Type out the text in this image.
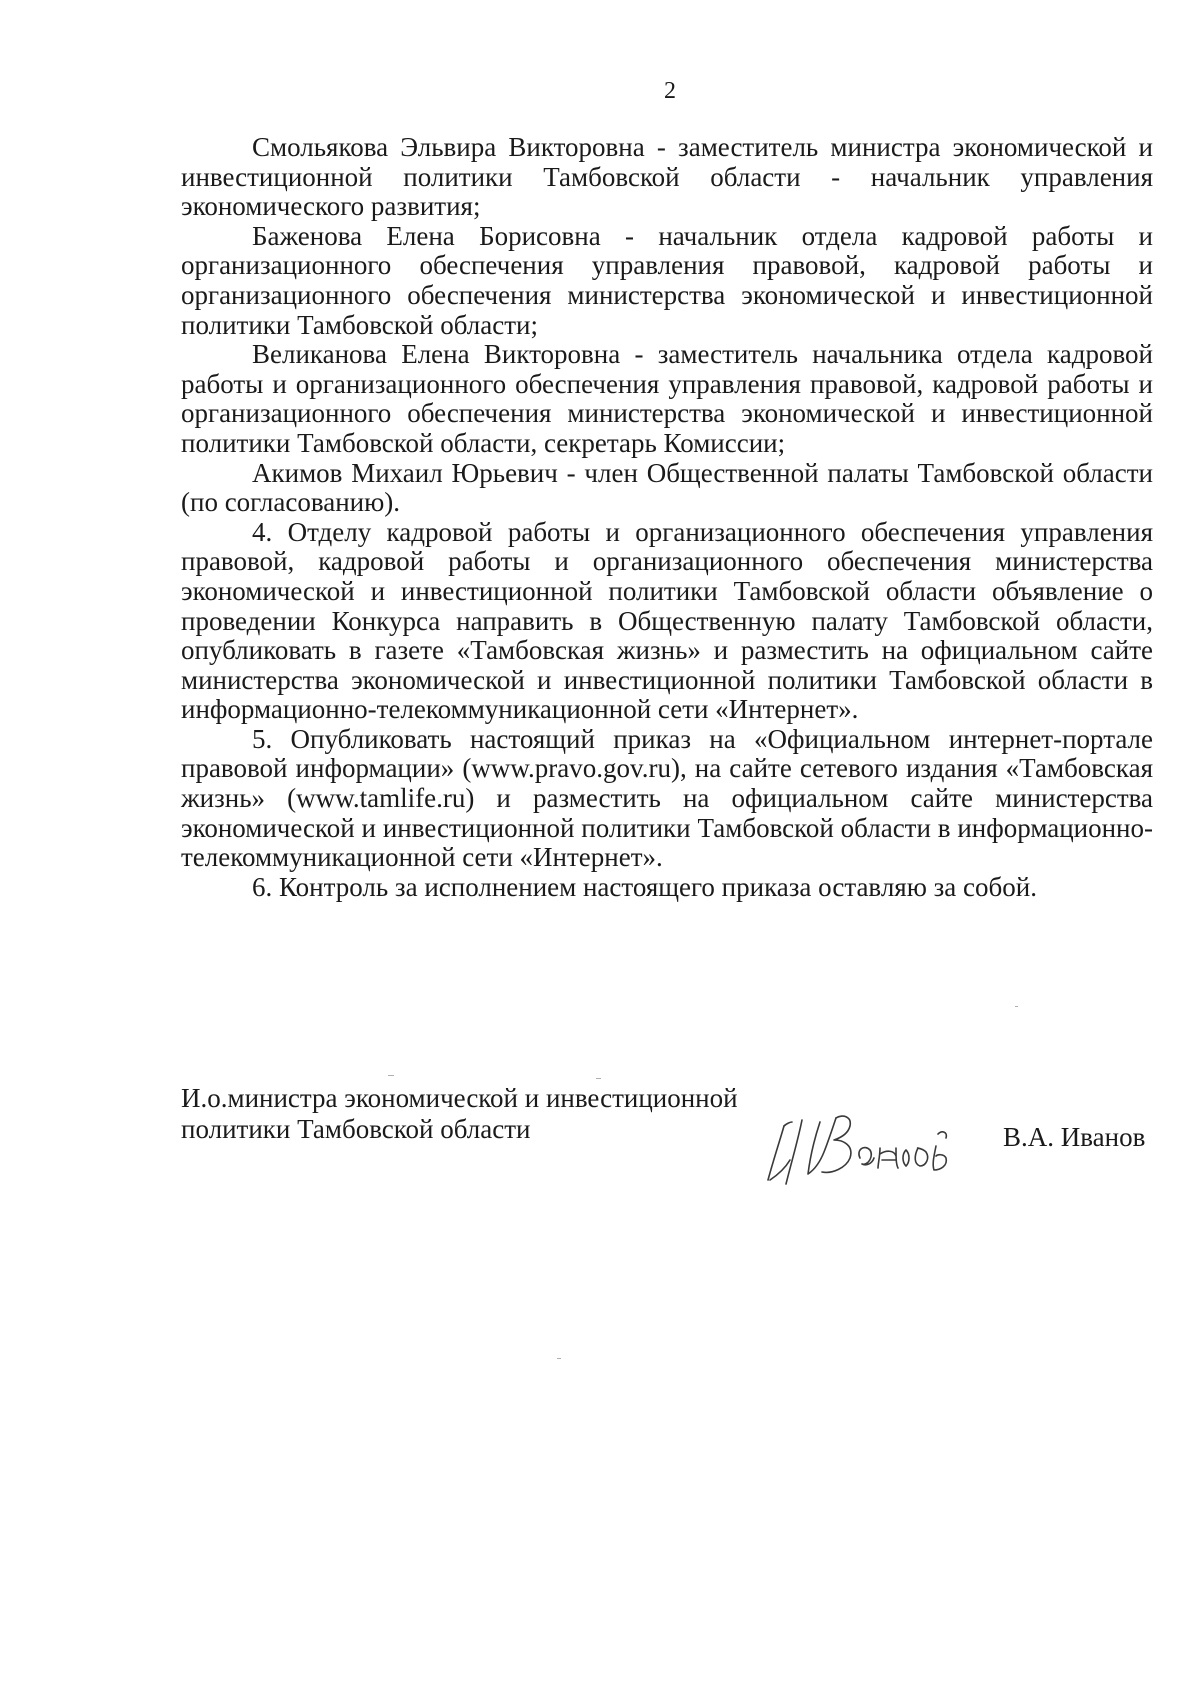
2

Смольякова Эльвира Викторовна - заместитель министра экономической и инвестиционной политики Тамбовской области - начальник управления экономического развития;

Баженова Елена Борисовна - начальник отдела кадровой работы и организационного обеспечения управления правовой, кадровой работы и организационного обеспечения министерства экономической и инвестиционной политики Тамбовской области;

Великанова Елена Викторовна - заместитель начальника отдела кадровой работы и организационного обеспечения управления правовой, кадровой работы и организационного обеспечения министерства экономической и инвестиционной политики Тамбовской области, секретарь Комиссии;

Акимов Михаил Юрьевич - член Общественной палаты Тамбовской области (по согласованию).

4. Отделу кадровой работы и организационного обеспечения управления правовой, кадровой работы и организационного обеспечения министерства экономической и инвестиционной политики Тамбовской области объявление о проведении Конкурса направить в Общественную палату Тамбовской области, опубликовать в газете «Тамбовская жизнь» и разместить на официальном сайте министерства экономической и инвестиционной политики Тамбовской области в информационно-телекоммуникационной сети «Интернет».

5. Опубликовать настоящий приказ на «Официальном интернет-портале правовой информации» (www.pravo.gov.ru), на сайте сетевого издания «Тамбовская жизнь» (www.tamlife.ru) и разместить на официальном сайте министерства экономической и инвестиционной политики Тамбовской области в информационно-телекоммуникационной сети «Интернет».

6. Контроль за исполнением настоящего приказа оставляю за собой.

И.о.министра экономической и инвестиционной
политики Тамбовской области	В.А. Иванов
